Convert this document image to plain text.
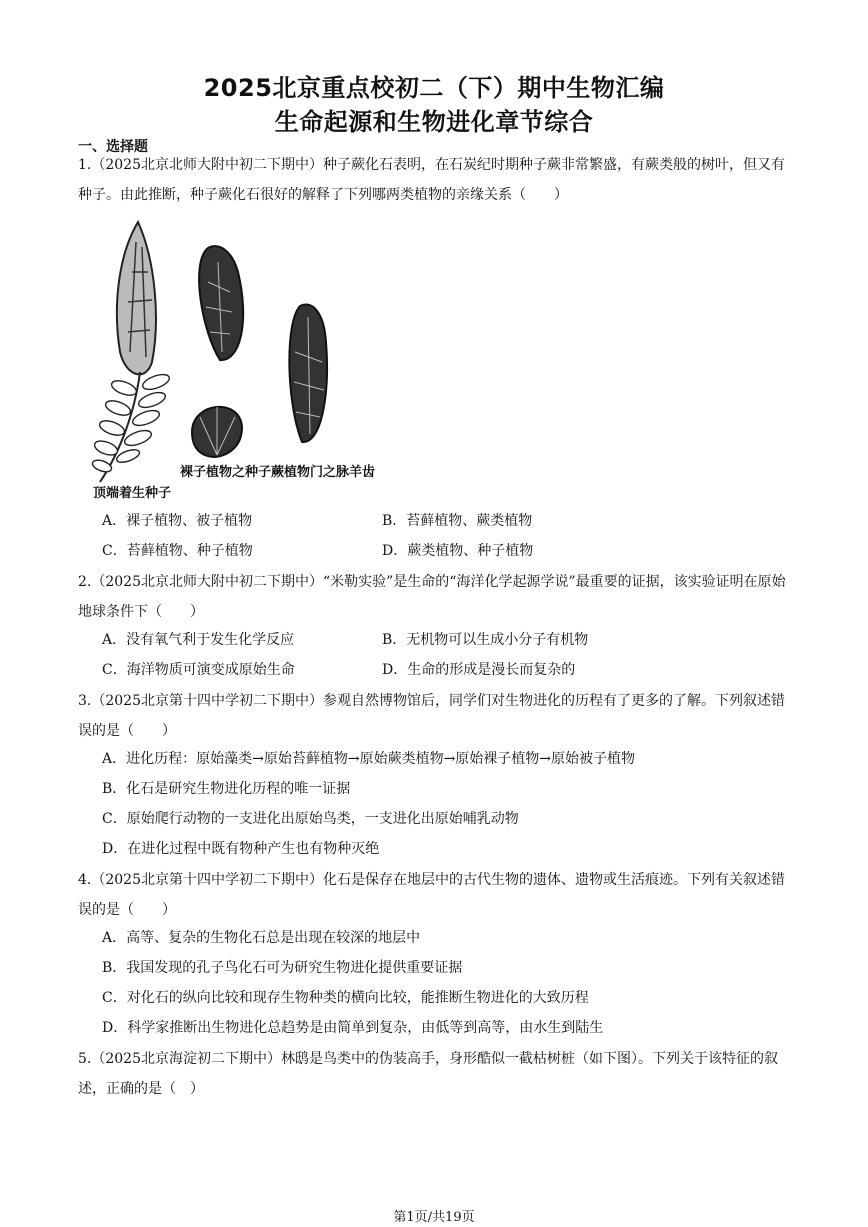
2025北京重点校初二（下）期中生物汇编
生命起源和生物进化章节综合
一、选择题
1.（2025北京北师大附中初二下期中）种子蕨化石表明，在石炭纪时期种子蕨非常繁盛，有蕨类般的树叶，但又有种子。由此推断，种子蕨化石很好的解释了下列哪两类植物的亲缘关系（　　）
裸子植物之种子蕨植物门之脉羊齿
顶端着生种子
A．裸子植物、被子植物	B．苔藓植物、蕨类植物
C．苔藓植物、种子植物	D．蕨类植物、种子植物
2.（2025北京北师大附中初二下期中）“米勒实验”是生命的“海洋化学起源学说”最重要的证据，该实验证明在原始地球条件下（　　）
A．没有氧气利于发生化学反应	B．无机物可以生成小分子有机物
C．海洋物质可演变成原始生命	D．生命的形成是漫长而复杂的
3.（2025北京第十四中学初二下期中）参观自然博物馆后，同学们对生物进化的历程有了更多的了解。下列叙述错误的是（　　）
A．进化历程：原始藻类→原始苔藓植物→原始蕨类植物→原始裸子植物→原始被子植物
B．化石是研究生物进化历程的唯一证据
C．原始爬行动物的一支进化出原始鸟类，一支进化出原始哺乳动物
D．在进化过程中既有物种产生也有物种灭绝
4.（2025北京第十四中学初二下期中）化石是保存在地层中的古代生物的遗体、遗物或生活痕迹。下列有关叙述错误的是（　　）
A．高等、复杂的生物化石总是出现在较深的地层中
B．我国发现的孔子鸟化石可为研究生物进化提供重要证据
C．对化石的纵向比较和现存生物种类的横向比较，能推断生物进化的大致历程
D．科学家推断出生物进化总趋势是由简单到复杂，由低等到高等，由水生到陆生
5.（2025北京海淀初二下期中）林鸱是鸟类中的伪装高手，身形酷似一截枯树桩（如下图）。下列关于该特征的叙述，正确的是（　）
第1页/共19页
